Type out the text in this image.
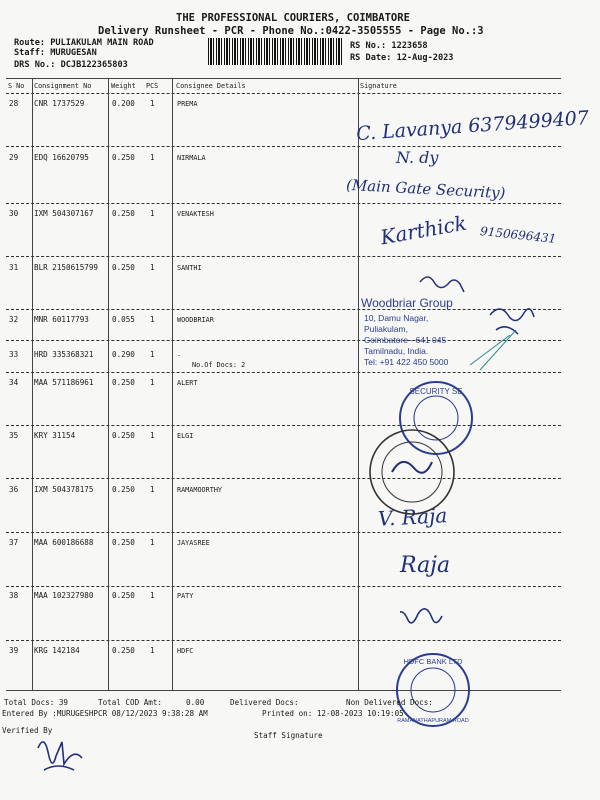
THE PROFESSIONAL COURIERS, COIMBATORE
Delivery Runsheet - PCR - Phone No.:0422-3505555 - Page No.:3
Route: PULIAKULAM MAIN ROAD
Staff: MURUGESAN
DRS No.: DCJB122365803
RS No.: 1223658
RS Date: 12-Aug-2023
S No Consignment No	Weight PCS	Consignee Details	Signature
28 CNR 1737529	0.200 1	PREMA
29 EDQ 16620795	0.250 1	NIRMALA
30 IXM 504307167 0.250 1	VENAKTESH
31 BLR 2150615799 0.250 1	SANTHI
32 MNR 60117793	0.055 1	WOODBRIAR
33 HRD 335368321 0.290 1	.
No.Of Docs: 2
34 MAA 571186961 0.250 1	ALERT
35 KRY 31154	0.250 1	ELGI
36 IXM 504378175 0.250 1	RAMAMOORTHY
37 MAA 600186688 0.250 1	JAYASREE
38 MAA 102327980 0.250 1	PATY
39 KRG 142184	0.250 1	HDFC
C. Lavanya 6379499407
N. dy
(Main Gate Security)
Karthick 9150696431
V. Raja
Raja
Woodbriar Group
10, Damu Nagar,
Puliakulam,
Coimbatore - 641 045
Tamilnadu, India.
Tel: +91 422 450 5000
SECURITY SE
HDFC BANK LTD
RAMANATHAPURAM ROAD
Total Docs: 39	Total COD Amt:	0.00	Delivered Docs:	Non Delivered Docs:
Entered By :MURUGESHPCR 08/12/2023 9:38:28 AM	Printed on: 12-08-2023 10:19:05
Verified By
Staff Signature
